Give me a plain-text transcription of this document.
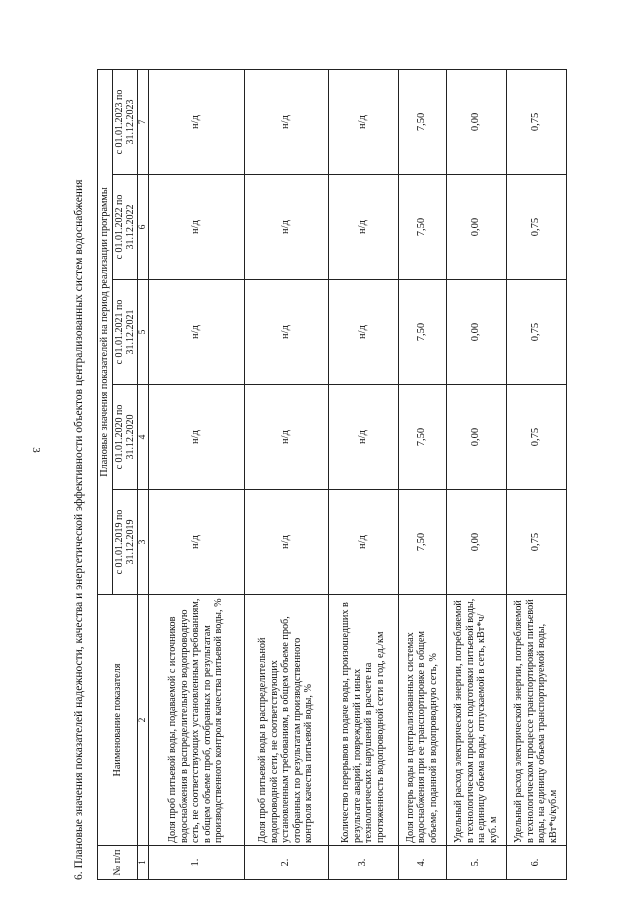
3	6. Плановые значения показателей надежности, качества и энергетической эффективности объектов централизованных систем водоснабжения	№ п/п	Наименование показателя	Плановые значения показателей на период реализации программы				
		с 01.01.2019 по 31.12.2019	с 01.01.2020 по 31.12.2020	с 01.01.2021 по 31.12.2021	с 01.01.2022 по 31.12.2022	с 01.01.2023 по 31.12.2023
1	2	3	4	5	6	7
1.	Доля проб питьевой воды, подаваемой с источников водоснабжения в распределительную водопроводную сеть, не соответствующих установленным требованиям, в общем объеме проб, отобранных по результатам производственного контроля качества питьевой воды, %	н/д	н/д	н/д	н/д	н/д
2.	Доля проб питьевой воды в распределительной водопроводной сети, не соответствующих установленным требованиям, в общем объеме проб, отобранных по результатам производственного контроля качества питьевой воды, %	н/д	н/д	н/д	н/д	н/д
3.	Количество перерывов в подаче воды, произошедших в результате аварий, повреждений и иных технологических нарушений в расчете на протяженность водопроводной сети в год, ед./км	н/д	н/д	н/д	н/д	н/д
4.	Доля потерь воды в централизованных системах водоснабжения при ее транспортировке в общем объеме, поданной в водопроводную сеть, %	7,50	7,50	7,50	7,50	7,50
5.	Удельный расход электрической энергии, потребляемой в технологическом процессе подготовки питьевой воды, на единицу объема воды, отпускаемой в сеть, кВт*ч/куб. м	0,00	0,00	0,00	0,00	0,00
6.	Удельный расход электрической энергии, потребляемой в технологическом процессе транспортировки питьевой воды, на единицу объема транспортируемой воды, кВт*ч/куб.м	0,75	0,75	0,75	0,75	0,75
